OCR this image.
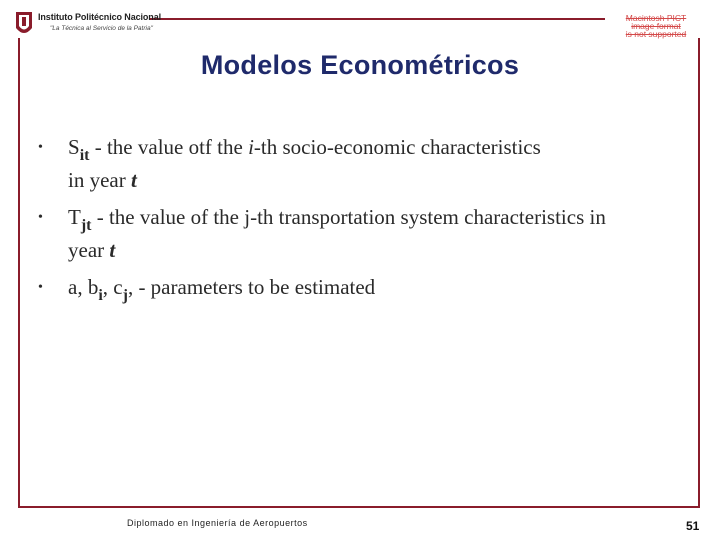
Instituto Politécnico Nacional
"La Técnica al Servicio de la Patria"
Macintosh PICT
image format
is not supported
Modelos Econométricos
• $S_{it}$ - the value otf the i-th socio-economic characteristics
in year t
• $T_{jt}$ - the value of the j-th transportation system characteristics in
year t
• a, $b_i$, $c_j$, - parameters to be estimated
Diplomado en Ingeniería de Aeropuertos	51
